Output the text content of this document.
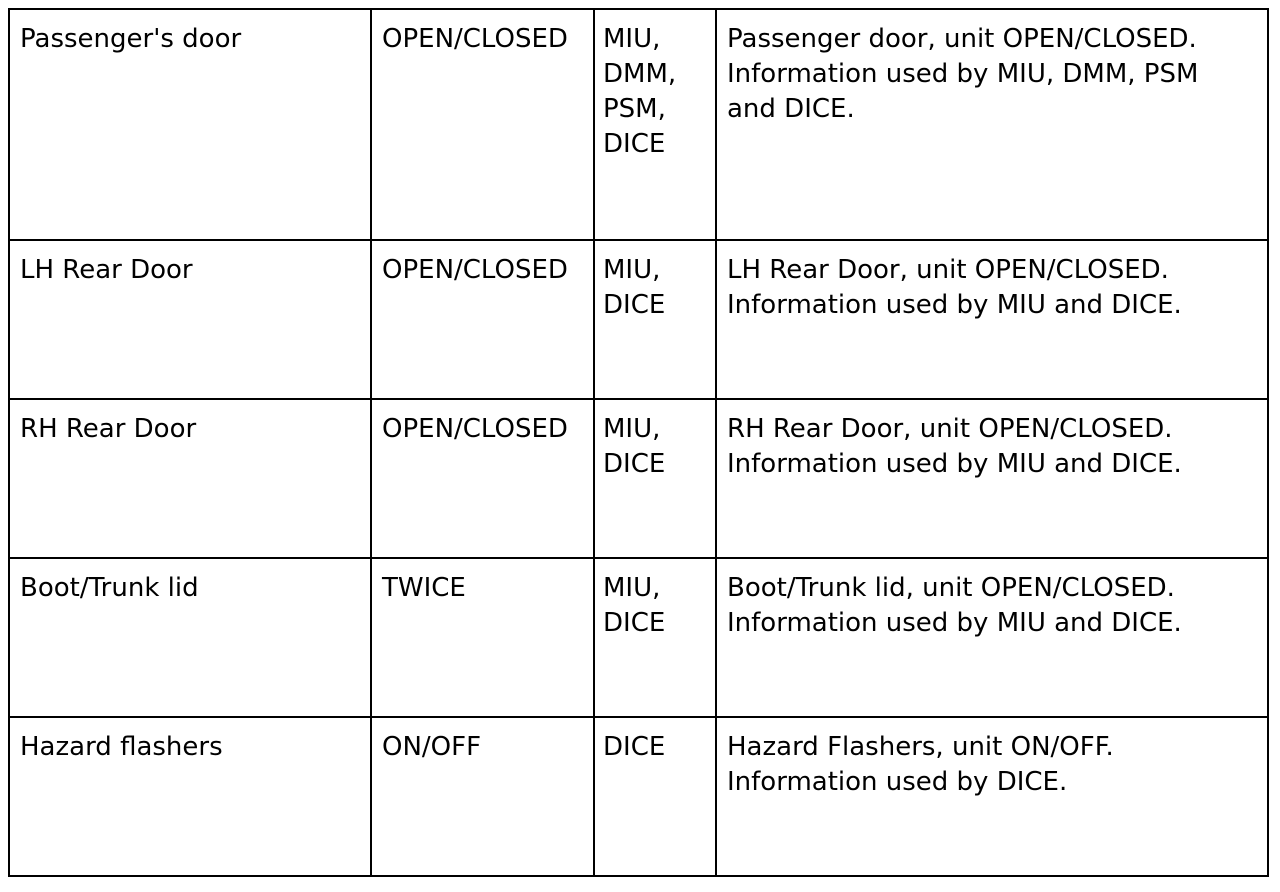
Passenger's door	OPEN/CLOSED	MIU,
DMM,
PSM,
DICE	Passenger door, unit OPEN/CLOSED.
Information used by MIU, DMM, PSM
and DICE.

LH Rear Door	OPEN/CLOSED	MIU,
DICE	LH Rear Door, unit OPEN/CLOSED.
Information used by MIU and DICE.

RH Rear Door	OPEN/CLOSED	MIU,
DICE	RH Rear Door, unit OPEN/CLOSED.
Information used by MIU and DICE.

Boot/Trunk lid	TWICE	MIU,
DICE	Boot/Trunk lid, unit OPEN/CLOSED.
Information used by MIU and DICE.

Hazard flashers	ON/OFF	DICE	Hazard Flashers, unit ON/OFF.
Information used by DICE.
